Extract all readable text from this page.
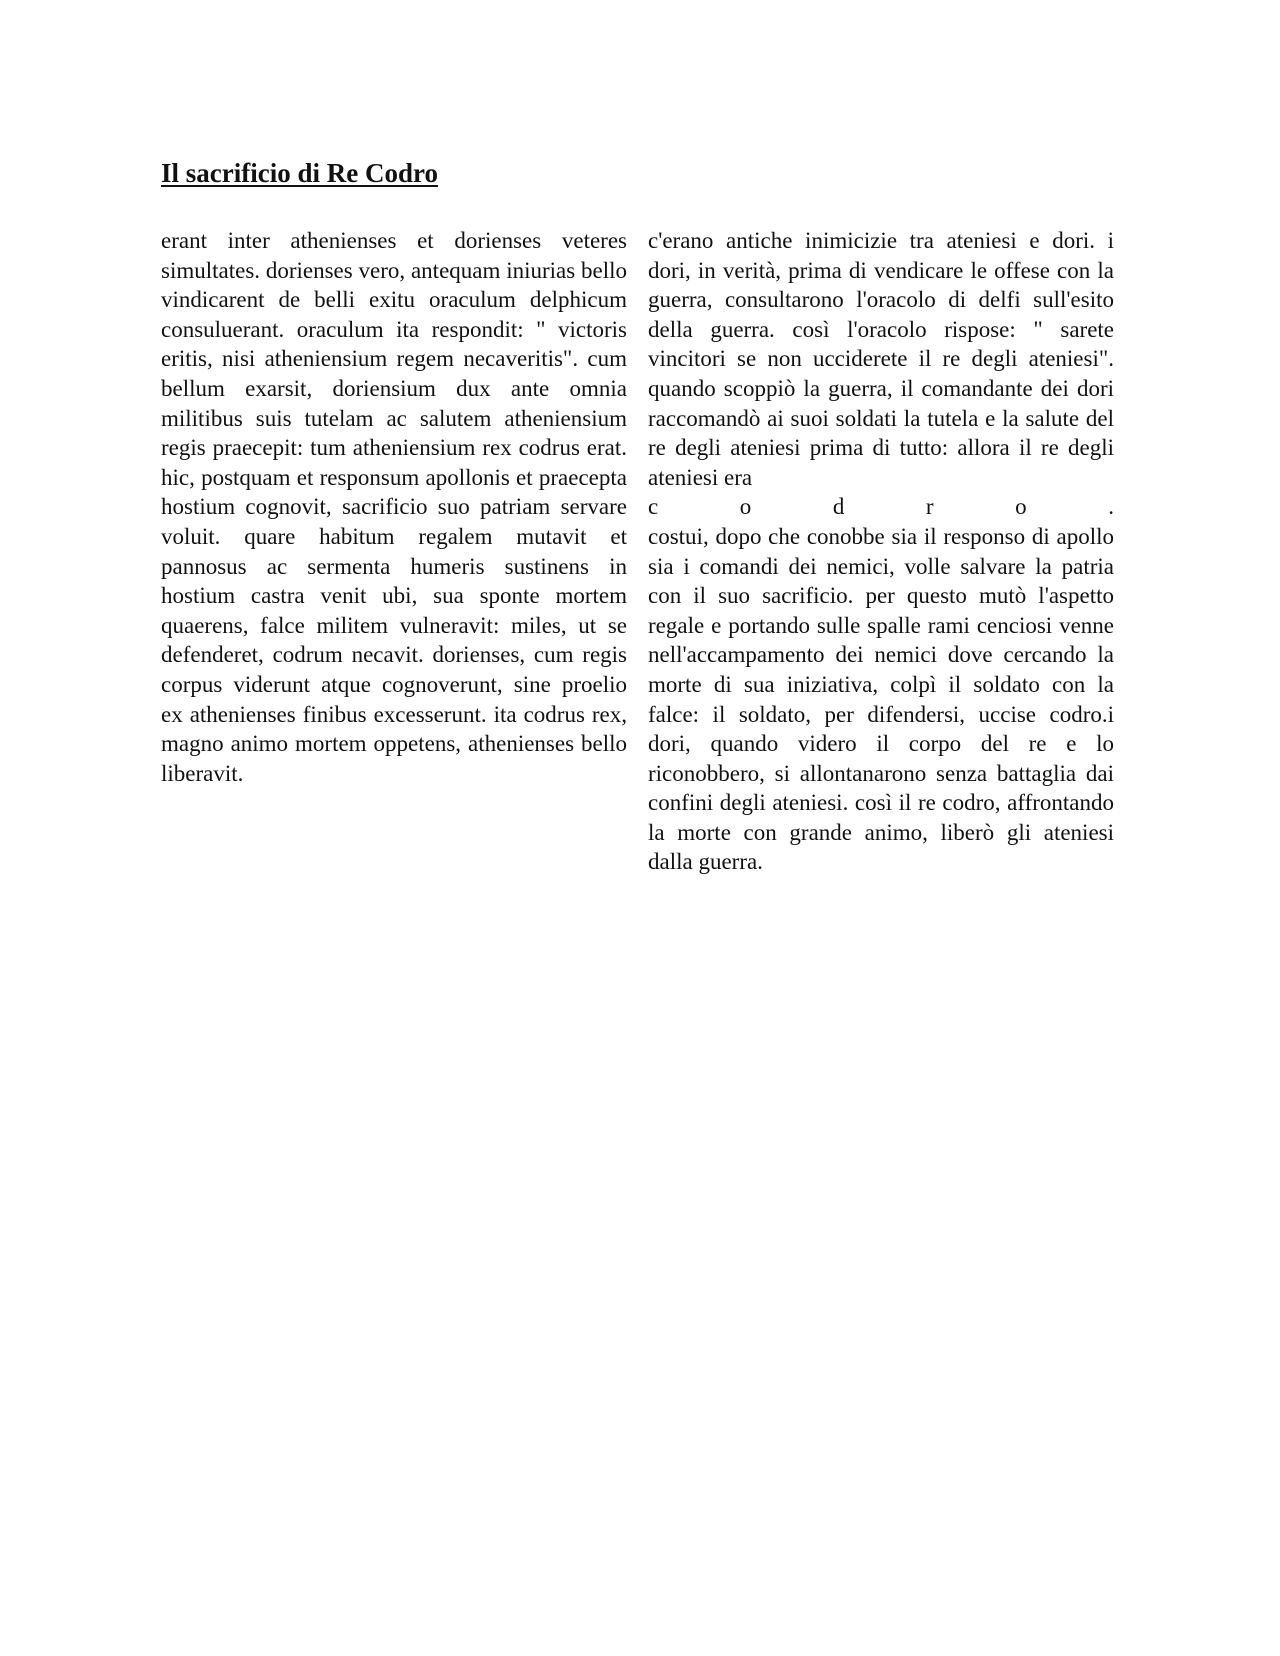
Il sacrificio di Re Codro
erant inter athenienses et dorienses veteres simultates. dorienses vero, antequam iniurias bello vindicarent de belli exitu oraculum delphicum consuluerant. oraculum ita respondit: " victoris eritis, nisi atheniensium regem necaveritis". cum bellum exarsit, doriensium dux ante omnia militibus suis tutelam ac salutem atheniensium regis praecepit: tum atheniensium rex codrus erat. hic, postquam et responsum apollonis et praecepta hostium cognovit, sacrificio suo patriam servare voluit. quare habitum regalem mutavit et pannosus ac sermenta humeris sustinens in hostium castra venit ubi, sua sponte mortem quaerens, falce militem vulneravit: miles, ut se defenderet, codrum necavit. dorienses, cum regis corpus viderunt atque cognoverunt, sine proelio ex athenienses finibus excesserunt. ita codrus rex, magno animo mortem oppetens, athenienses bello liberavit.

c'erano antiche inimicizie tra ateniesi e dori. i dori, in verità, prima di vendicare le offese con la guerra, consultarono l'oracolo di delfi sull'esito della guerra. così l'oracolo rispose: " sarete vincitori se non ucciderete il re degli ateniesi". quando scoppiò la guerra, il comandante dei dori raccomandò ai suoi soldati la tutela e la salute del re degli ateniesi prima di tutto: allora il re degli ateniesi era

c o d r o .

costui, dopo che conobbe sia il responso di apollo sia i comandi dei nemici, volle salvare la patria con il suo sacrificio. per questo mutò l'aspetto regale e portando sulle spalle rami cenciosi venne nell'accampamento dei nemici dove cercando la morte di sua iniziativa, colpì il soldato con la falce: il soldato, per difendersi, uccise codro.i dori, quando videro il corpo del re e lo riconobbero, si allontanarono senza battaglia dai confini degli ateniesi. così il re codro, affrontando la morte con grande animo, liberò gli ateniesi dalla guerra.
